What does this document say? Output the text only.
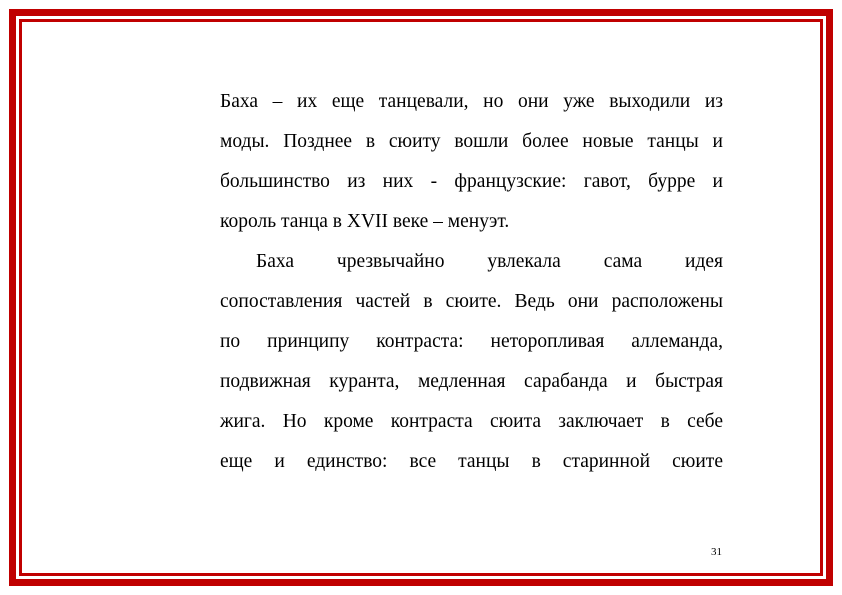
Баха – их еще танцевали, но они уже выходили из
моды. Позднее в сюиту вошли более новые танцы и
большинство из них - французские: гавот, бурре и
король танца в XVII веке – менуэт.
Баха чрезвычайно увлекала сама идея
сопоставления частей в сюите. Ведь они расположены
по принципу контраста: неторопливая аллеманда,
подвижная куранта, медленная сарабанда и быстрая
жига. Но кроме контраста сюита заключает в себе
еще и единство: все танцы в старинной сюите
31
